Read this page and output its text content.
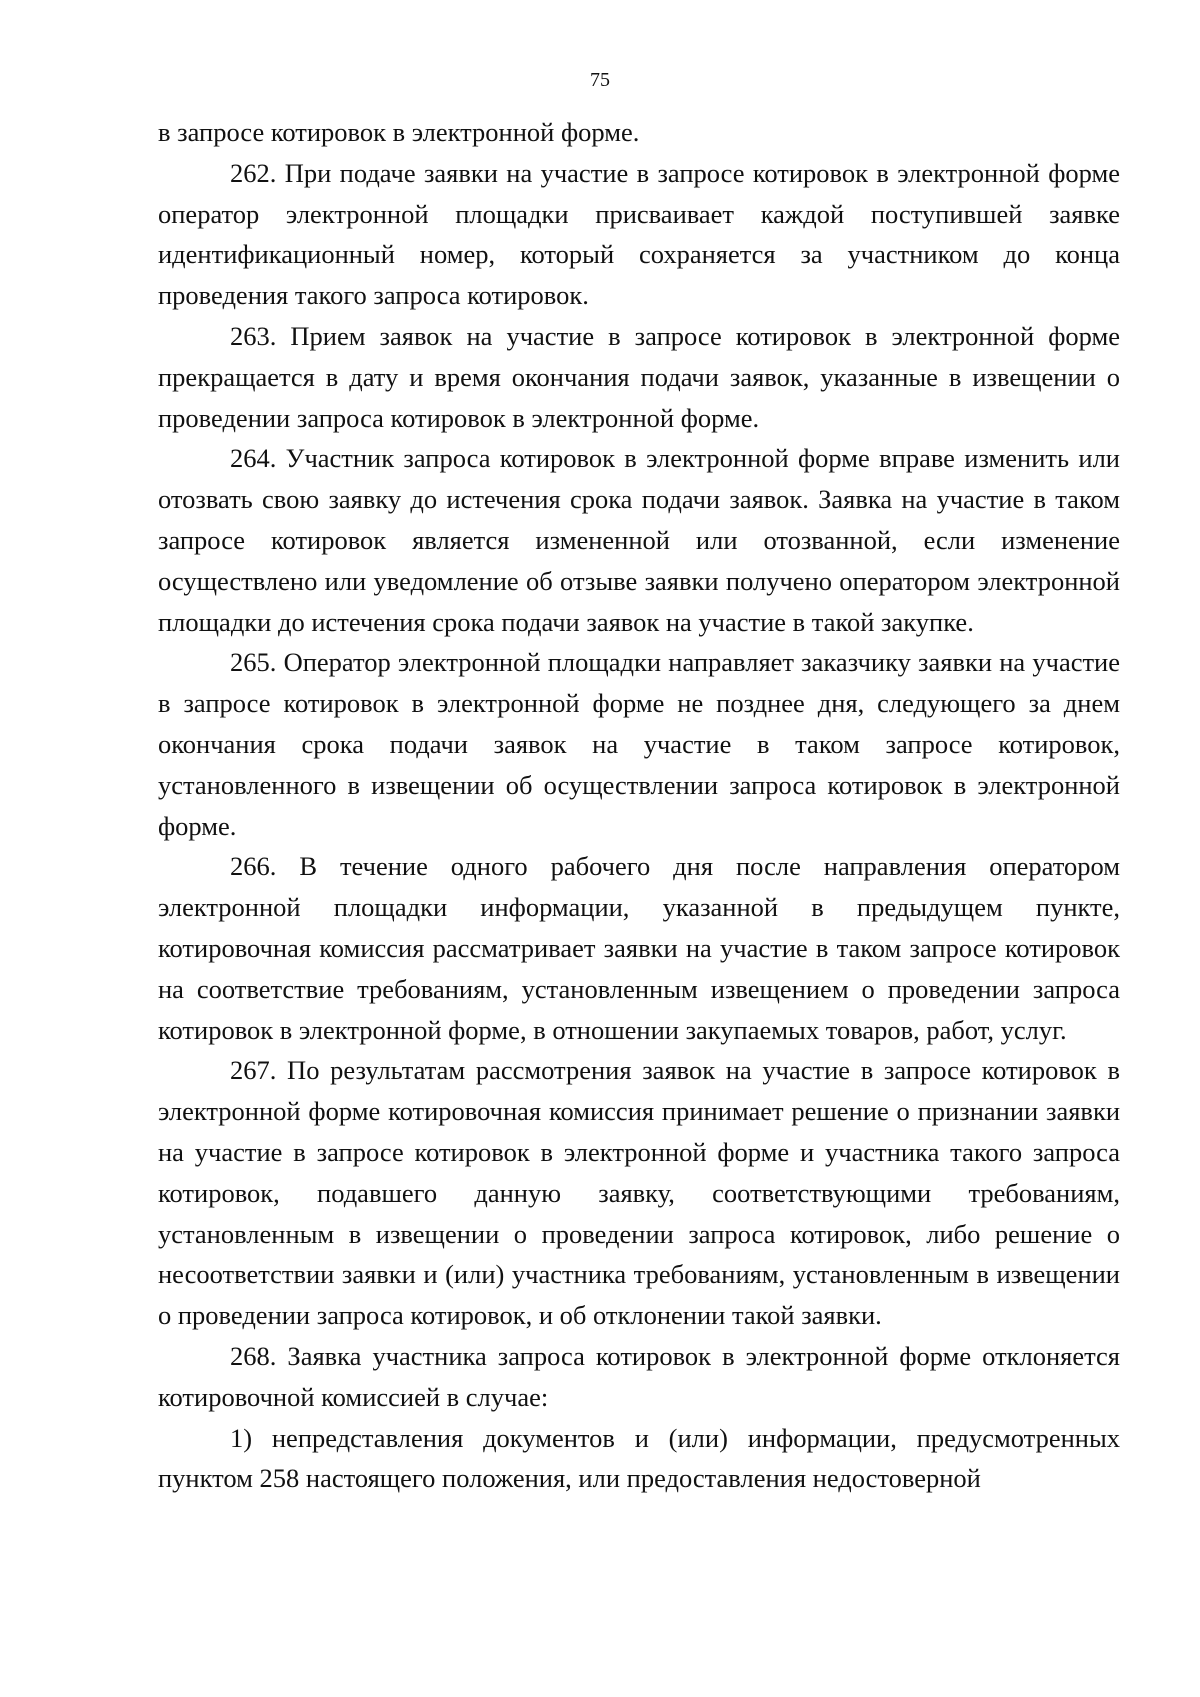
75

в запросе котировок в электронной форме.

262. При подаче заявки на участие в запросе котировок в электронной форме оператор электронной площадки присваивает каждой поступившей заявке идентификационный номер, который сохраняется за участником до конца проведения такого запроса котировок.

263. Прием заявок на участие в запросе котировок в электронной форме прекращается в дату и время окончания подачи заявок, указанные в извещении о проведении запроса котировок в электронной форме.

264. Участник запроса котировок в электронной форме вправе изменить или отозвать свою заявку до истечения срока подачи заявок. Заявка на участие в таком запросе котировок является измененной или отозванной, если изменение осуществлено или уведомление об отзыве заявки получено оператором электронной площадки до истечения срока подачи заявок на участие в такой закупке.

265. Оператор электронной площадки направляет заказчику заявки на участие в запросе котировок в электронной форме не позднее дня, следующего за днем окончания срока подачи заявок на участие в таком запросе котировок, установленного в извещении об осуществлении запроса котировок в электронной форме.

266. В течение одного рабочего дня после направления оператором электронной площадки информации, указанной в предыдущем пункте, котировочная комиссия рассматривает заявки на участие в таком запросе котировок на соответствие требованиям, установленным извещением о проведении запроса котировок в электронной форме, в отношении закупаемых товаров, работ, услуг.

267. По результатам рассмотрения заявок на участие в запросе котировок в электронной форме котировочная комиссия принимает решение о признании заявки на участие в запросе котировок в электронной форме и участника такого запроса котировок, подавшего данную заявку, соответствующими требованиям, установленным в извещении о проведении запроса котировок, либо решение о несоответствии заявки и (или) участника требованиям, установленным в извещении о проведении запроса котировок, и об отклонении такой заявки.

268. Заявка участника запроса котировок в электронной форме отклоняется котировочной комиссией в случае:

1) непредставления документов и (или) информации, предусмотренных пунктом 258 настоящего положения, или предоставления недостоверной
